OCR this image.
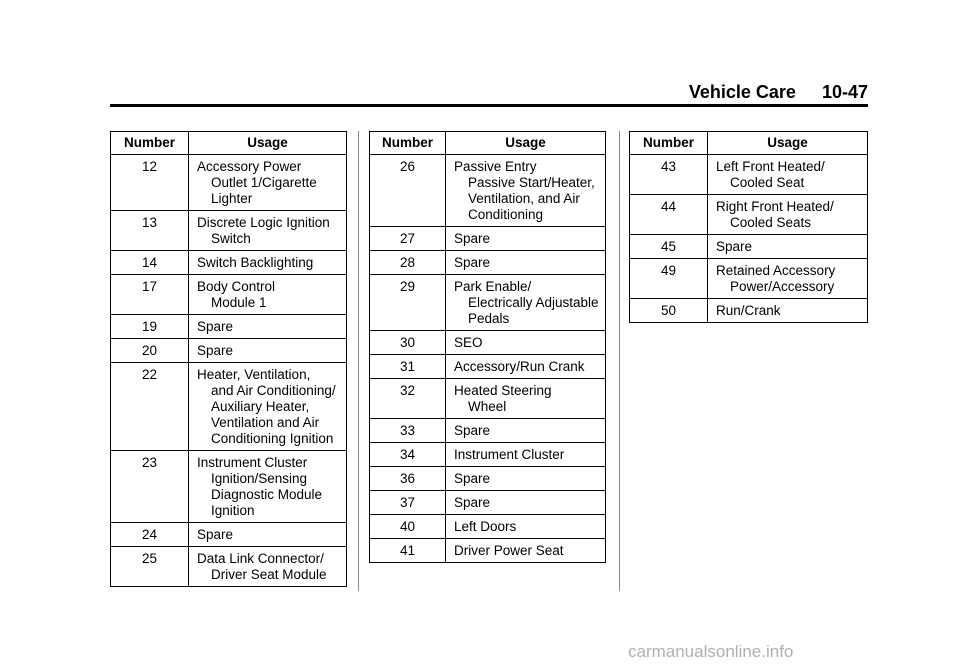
Vehicle Care 10-47
Number	Usage
12	Accessory Power

Outlet 1/Cigarette
Lighter

13	Discrete Logic Ignition

Switch

14	Switch Backlighting
17	Body Control

Module 1

19	Spare
20	Spare
22	Heater, Ventilation,

and Air Conditioning/
Auxiliary Heater,
Ventilation and Air
Conditioning Ignition

23	Instrument Cluster

Ignition/Sensing
Diagnostic Module
Ignition

24	Spare
25	Data Link Connector/

Driver Seat Module
Number	Usage
26	Passive Entry

Passive Start/Heater,
Ventilation, and Air
Conditioning

27	Spare
28	Spare
29	Park Enable/

Electrically Adjustable
Pedals

30	SEO
31	Accessory/Run Crank
32	Heated Steering

Wheel

33	Spare
34	Instrument Cluster
36	Spare
37	Spare
40	Left Doors
41	Driver Power Seat
Number	Usage
43	Left Front Heated/

Cooled Seat

44	Right Front Heated/

Cooled Seats

45	Spare
49	Retained Accessory

Power/Accessory

50	Run/Crank
carmanualsonline.info
